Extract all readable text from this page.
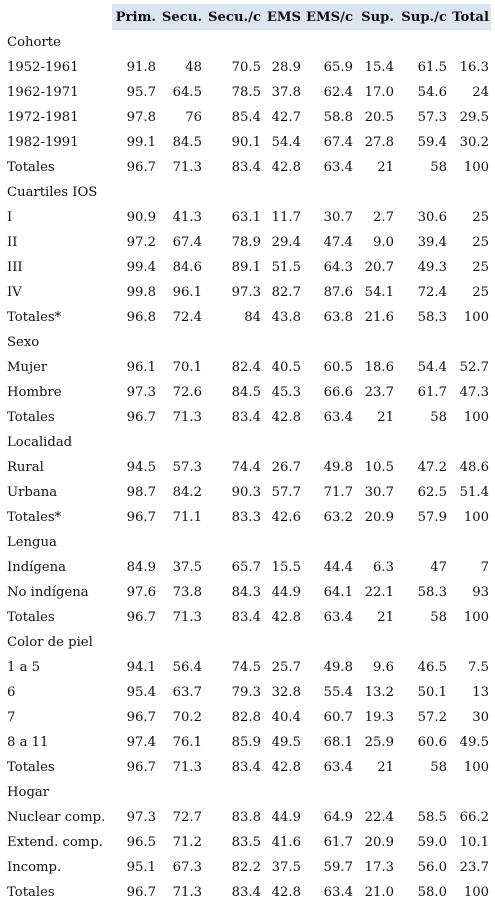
	Prim.	Secu.	Secu./c	EMS	EMS/c	Sup.	Sup./c	Total
Cohorte								
1952-1961	91.8	48	70.5	28.9	65.9	15.4	61.5	16.3
1962-1971	95.7	64.5	78.5	37.8	62.4	17.0	54.6	24
1972-1981	97.8	76	85.4	42.7	58.8	20.5	57.3	29.5
1982-1991	99.1	84.5	90.1	54.4	67.4	27.8	59.4	30.2
Totales	96.7	71.3	83.4	42.8	63.4	21	58	100
Cuartiles IOS								
I	90.9	41.3	63.1	11.7	30.7	2.7	30.6	25
II	97.2	67.4	78.9	29.4	47.4	9.0	39.4	25
III	99.4	84.6	89.1	51.5	64.3	20.7	49.3	25
IV	99.8	96.1	97.3	82.7	87.6	54.1	72.4	25
Totales*	96.8	72.4	84	43.8	63.8	21.6	58.3	100
Sexo								
Mujer	96.1	70.1	82.4	40.5	60.5	18.6	54.4	52.7
Hombre	97.3	72.6	84.5	45.3	66.6	23.7	61.7	47.3
Totales	96.7	71.3	83.4	42.8	63.4	21	58	100
Localidad								
Rural	94.5	57.3	74.4	26.7	49.8	10.5	47.2	48.6
Urbana	98.7	84.2	90.3	57.7	71.7	30.7	62.5	51.4
Totales*	96.7	71.1	83.3	42.6	63.2	20.9	57.9	100
Lengua								
Indígena	84.9	37.5	65.7	15.5	44.4	6.3	47	7
No indígena	97.6	73.8	84.3	44.9	64.1	22.1	58.3	93
Totales	96.7	71.3	83.4	42.8	63.4	21	58	100
Color de piel								
1 a 5	94.1	56.4	74.5	25.7	49.8	9.6	46.5	7.5
6	95.4	63.7	79.3	32.8	55.4	13.2	50.1	13
7	96.7	70.2	82.8	40.4	60.7	19.3	57.2	30
8 a 11	97.4	76.1	85.9	49.5	68.1	25.9	60.6	49.5
Totales	96.7	71.3	83.4	42.8	63.4	21	58	100
Hogar								
Nuclear comp.	97.3	72.7	83.8	44.9	64.9	22.4	58.5	66.2
Extend. comp.	96.5	71.2	83.5	41.6	61.7	20.9	59.0	10.1
Incomp.	95.1	67.3	82.2	37.5	59.7	17.3	56.0	23.7
Totales	96.7	71.3	83.4	42.8	63.4	21.0	58.0	100
